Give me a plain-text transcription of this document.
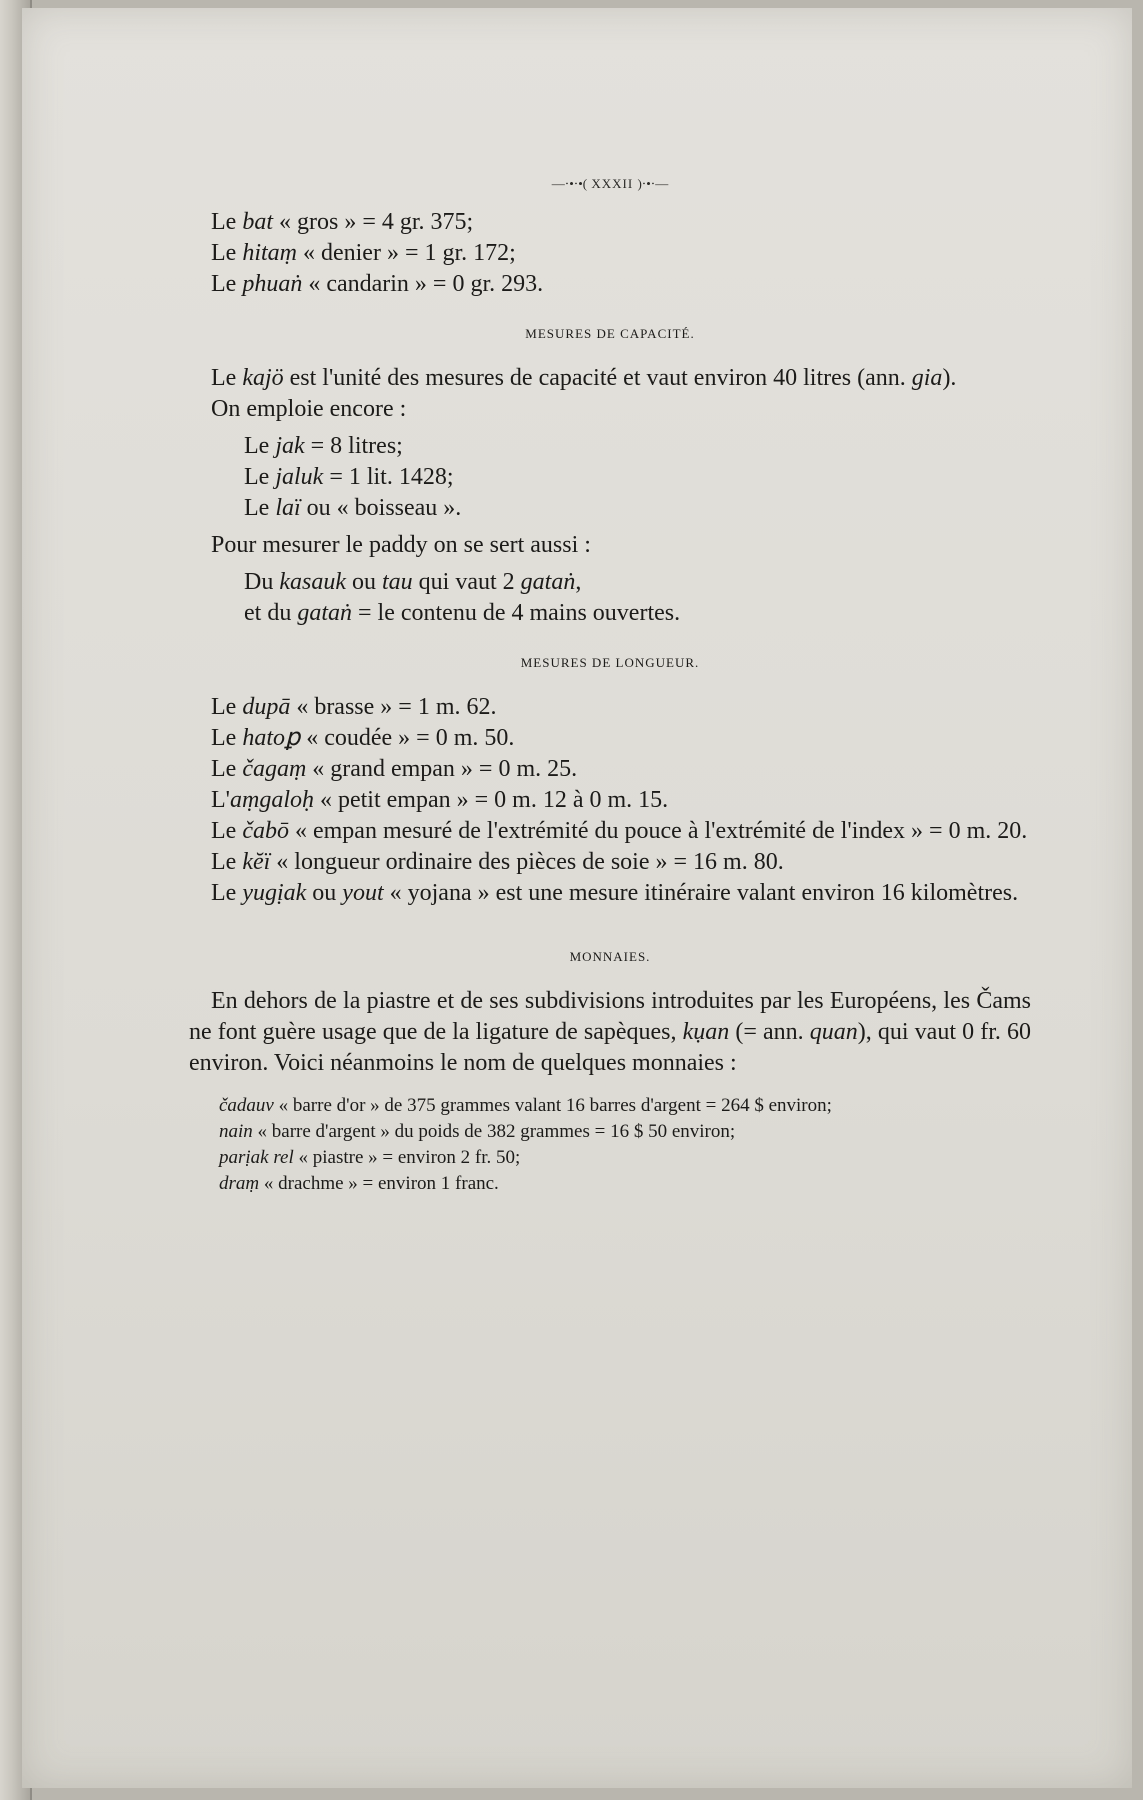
—⋅•⋅•( XXXII )⋅•⋅—
Le bat « gros » = 4 gr. 375;
Le hitaṃ « denier » = 1 gr. 172;
Le phuaṅ « candarin » = 0 gr. 293.
MESURES DE CAPACITÉ.
Le kajö est l'unité des mesures de capacité et vaut environ 40 litres (ann. gia).
On emploie encore :
Le jak = 8 litres;
Le jaluk = 1 lit. 1428;
Le laï ou « boisseau ».
Pour mesurer le paddy on se sert aussi :
Du kasauk ou tau qui vaut 2 gataṅ,
et du gataṅ = le contenu de 4 mains ouvertes.
MESURES DE LONGUEUR.
Le dupā « brasse » = 1 m. 62.
Le hatoꝑ « coudée » = 0 m. 50.
Le čagaṃ « grand empan » = 0 m. 25.
L'aṃgaloḥ « petit empan » = 0 m. 12 à 0 m. 15.
Le čabō « empan mesuré de l'extrémité du pouce à l'extrémité de l'index » = 0 m. 20.
Le kĕï « longueur ordinaire des pièces de soie » = 16 m. 80.
Le yugịak ou yout « yojana » est une mesure itinéraire valant environ 16 kilomètres.
MONNAIES.
En dehors de la piastre et de ses subdivisions introduites par les Européens, les Čams ne font guère usage que de la ligature de sapèques, kụan (= ann. quan), qui vaut 0 fr. 60 environ. Voici néanmoins le nom de quelques monnaies :
čadauv « barre d'or » de 375 grammes valant 16 barres d'argent = 264 $ environ;
nain « barre d'argent » du poids de 382 grammes = 16 $ 50 environ;
parịak rel « piastre » = environ 2 fr. 50;
draṃ « drachme » = environ 1 franc.
